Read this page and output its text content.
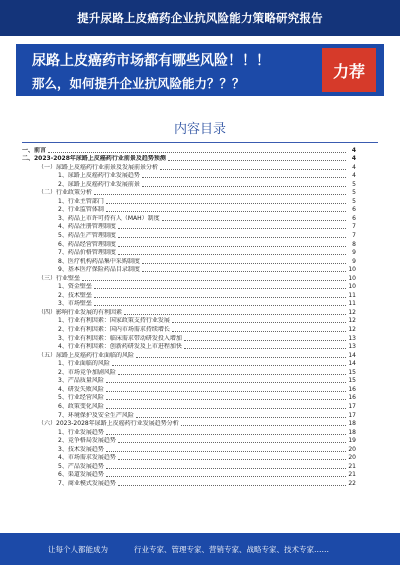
提升尿路上皮癌药企业抗风险能力策略研究报告
尿路上皮癌药市场都有哪些风险！！！
那么，如何提升企业抗风险能力？？？
力荐
内容目录
一、前言	4
二、2023-2028年尿路上皮癌药行业前景及趋势预测	4
（一）尿路上皮癌药行业前景及发展前景分析	4
1、尿路上皮癌药行业发展趋势	4
2、尿路上皮癌药行业发展前景	5
（二）行业政策分析	5
1、行业主管部门	5
2、行业监管体制	6
3、药品上市许可持有人（MAH）制度	6
4、药品注册管理制度	7
5、药品生产管理制度	7
6、药品经营管理制度	8
7、药品价格管理制度	9
8、医疗机构药品集中采购制度	9
9、基本医疗保险药品目录制度	10
（三）行业壁垒	10
1、资金壁垒	10
2、技术壁垒	11
3、市场壁垒	11
（四）影响行业发展的有利因素	12
1、行业有利因素：国家政策支持行业发展	12
2、行业有利因素：国内市场需求持续增长	12
3、行业有利因素：临床需求带动研发投入增加	13
4、行业有利因素：创新药研发及上市进程加快	13
（五）尿路上皮癌药行业面临的风险	14
1、行业面临的风险	14
2、市场竞争加剧风险	15
3、产品质量风险	15
4、研发失败风险	16
5、行业经营风险	16
6、政策变化风险	17
7、环境保护及安全生产风险	17
（六）2023-2028年尿路上皮癌药行业发展趋势分析	18
1、行业发展趋势	18
2、竞争格局发展趋势	19
3、技术发展趋势	20
4、市场需求发展趋势	20
5、产品发展趋势	21
6、渠道发展趋势	21
7、商业模式发展趋势	22
让每个人都能成为	行业专家、管理专家、营销专家、战略专家、技术专家……
